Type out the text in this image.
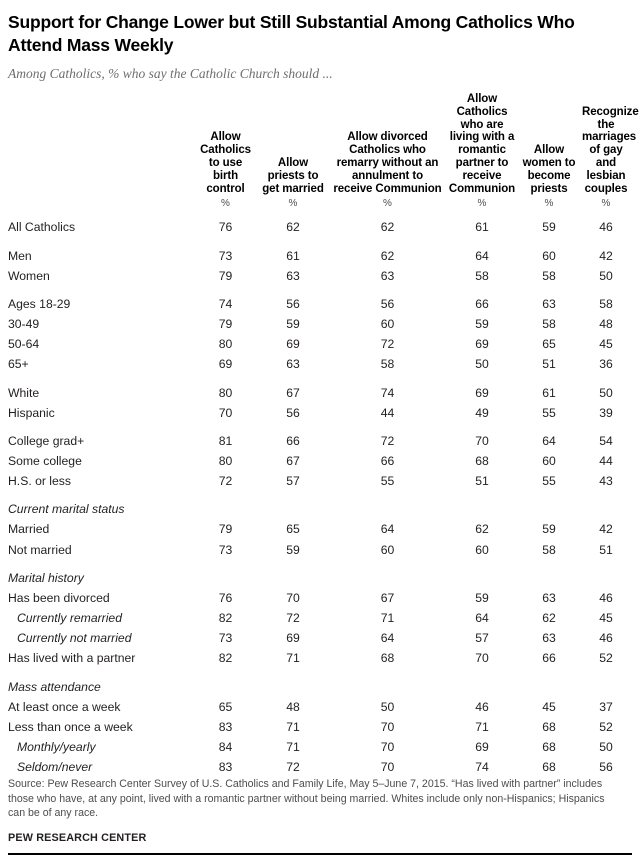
Support for Change Lower but Still Substantial Among Catholics Who Attend Mass Weekly
Among Catholics, % who say the Catholic Church should ...
	Allow Catholics to use birth control	Allow priests to get married	Allow divorced Catholics who remarry without an annulment to receive Communion	Allow Catholics who are living with a romantic partner to receive Communion	Allow women to become priests	Recognize the marriages of gay and lesbian couples
	%	%	%	%	%	%
All Catholics	76	62	62	61	59	46
Men	73	61	62	64	60	42
Women	79	63	63	58	58	50
Ages 18-29	74	56	56	66	63	58
30-49	79	59	60	59	58	48
50-64	80	69	72	69	65	45
65+	69	63	58	50	51	36
White	80	67	74	69	61	50
Hispanic	70	56	44	49	55	39
College grad+	81	66	72	70	64	54
Some college	80	67	66	68	60	44
H.S. or less	72	57	55	51	55	43
Current marital status						
Married	79	65	64	62	59	42
Not married	73	59	60	60	58	51
Marital history						
Has been divorced	76	70	67	59	63	46
Currently remarried	82	72	71	64	62	45
Currently not married	73	69	64	57	63	46
Has lived with a partner	82	71	68	70	66	52
Mass attendance						
At least once a week	65	48	50	46	45	37
Less than once a week	83	71	70	71	68	52
Monthly/yearly	84	71	70	69	68	50
Seldom/never	83	72	70	74	68	56

Source: Pew Research Center Survey of U.S. Catholics and Family Life, May 5–June 7, 2015. “Has lived with partner” includes those who have, at any point, lived with a romantic partner without being married. Whites include only non-Hispanics; Hispanics can be of any race.

PEW RESEARCH CENTER
